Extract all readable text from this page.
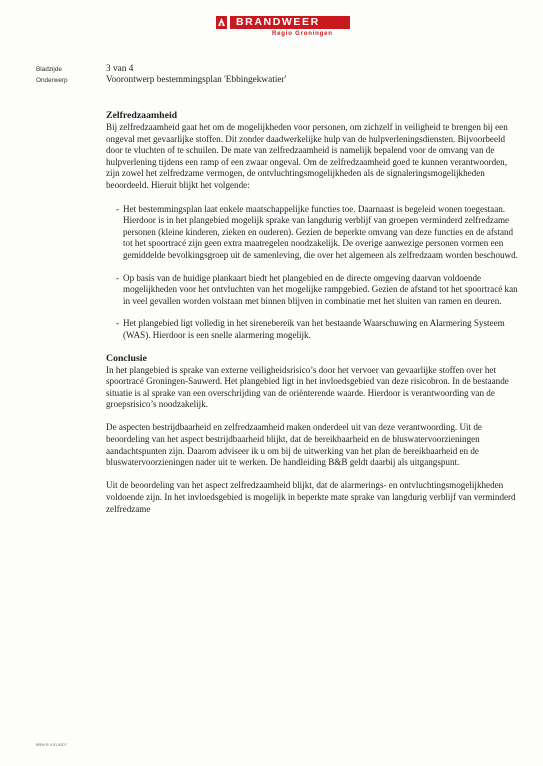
BRANDWEER
Regio Groningen
Bladzijde	3 van 4
Onderwerp	Voorontwerp bestemmingsplan 'Ebbingekwatier'
Zelfredzaamheid

Bij zelfredzaamheid gaat het om de mogelijkheden voor personen, om zichzelf in veiligheid te brengen bij een ongeval met gevaarlijke stoffen. Dit zonder daadwerkelijke hulp van de hulpverleningsdiensten. Bijvoorbeeld door te vluchten of te schuilen. De mate van zelfredzaamheid is namelijk bepalend voor de omvang van de hulpverlening tijdens een ramp of een zwaar ongeval. Om de zelfredzaamheid goed te kunnen verantwoorden, zijn zowel het zelfredzame vermogen, de ontvluchtingsmogelijkheden als de signaleringsmogelijkheden beoordeeld. Hieruit blijkt het volgende:

- Het bestemmingsplan laat enkele maatschappelijke functies toe. Daarnaast is begeleid wonen toegestaan. Hierdoor is in het plangebied mogelijk sprake van langdurig verblijf van groepen verminderd zelfredzame personen (kleine kinderen, zieken en ouderen). Gezien de beperkte omvang van deze functies en de afstand tot het spoortracé zijn geen extra maatregelen noodzakelijk. De overige aanwezige personen vormen een gemiddelde bevolkingsgroep uit de samenleving, die over het algemeen als zelfredzaam worden beschouwd.
- Op basis van de huidige plankaart biedt het plangebied en de directe omgeving daarvan voldoende mogelijkheden voor het ontvluchten van het mogelijke rampgebied. Gezien de afstand tot het spoortracé kan in veel gevallen worden volstaan met binnen blijven in combinatie met het sluiten van ramen en deuren.
- Het plangebied ligt volledig in het sirenebereik van het bestaande Waarschuwing en Alarmering Systeem (WAS). Hierdoor is een snelle alarmering mogelijk.
Conclusie

In het plangebied is sprake van externe veiligheidsrisico’s door het vervoer van gevaarlijke stoffen over het spoortracé Groningen-Sauwerd. Het plangebied ligt in het invloedsgebied van deze risicobron. In de bestaande situatie is al sprake van een overschrijding van de oriënterende waarde. Hierdoor is verantwoording van de groepsrisico’s noodzakelijk.

De aspecten bestrijdbaarheid en zelfredzaamheid maken onderdeel uit van deze verantwoording. Uit de beoordeling van het aspect bestrijdbaarheid blijkt, dat de bereikbaarheid en de bluswatervoorzieningen aandachtspunten zijn. Daarom adviseer ik u om bij de uitwerking van het plan de bereikbaarheid en de bluswatervoorzieningen nader uit te werken. De handleiding B&B geldt daarbij als uitgangspunt.

Uit de beoordeling van het aspect zelfredzaamheid blijkt, dat de alarmerings- en ontvluchtingsmogelijkheden voldoende zijn. In het invloedsgebied is mogelijk in beperkte mate sprake van langdurig verblijf van verminderd zelfredzame

BRW R.V.01.0007
